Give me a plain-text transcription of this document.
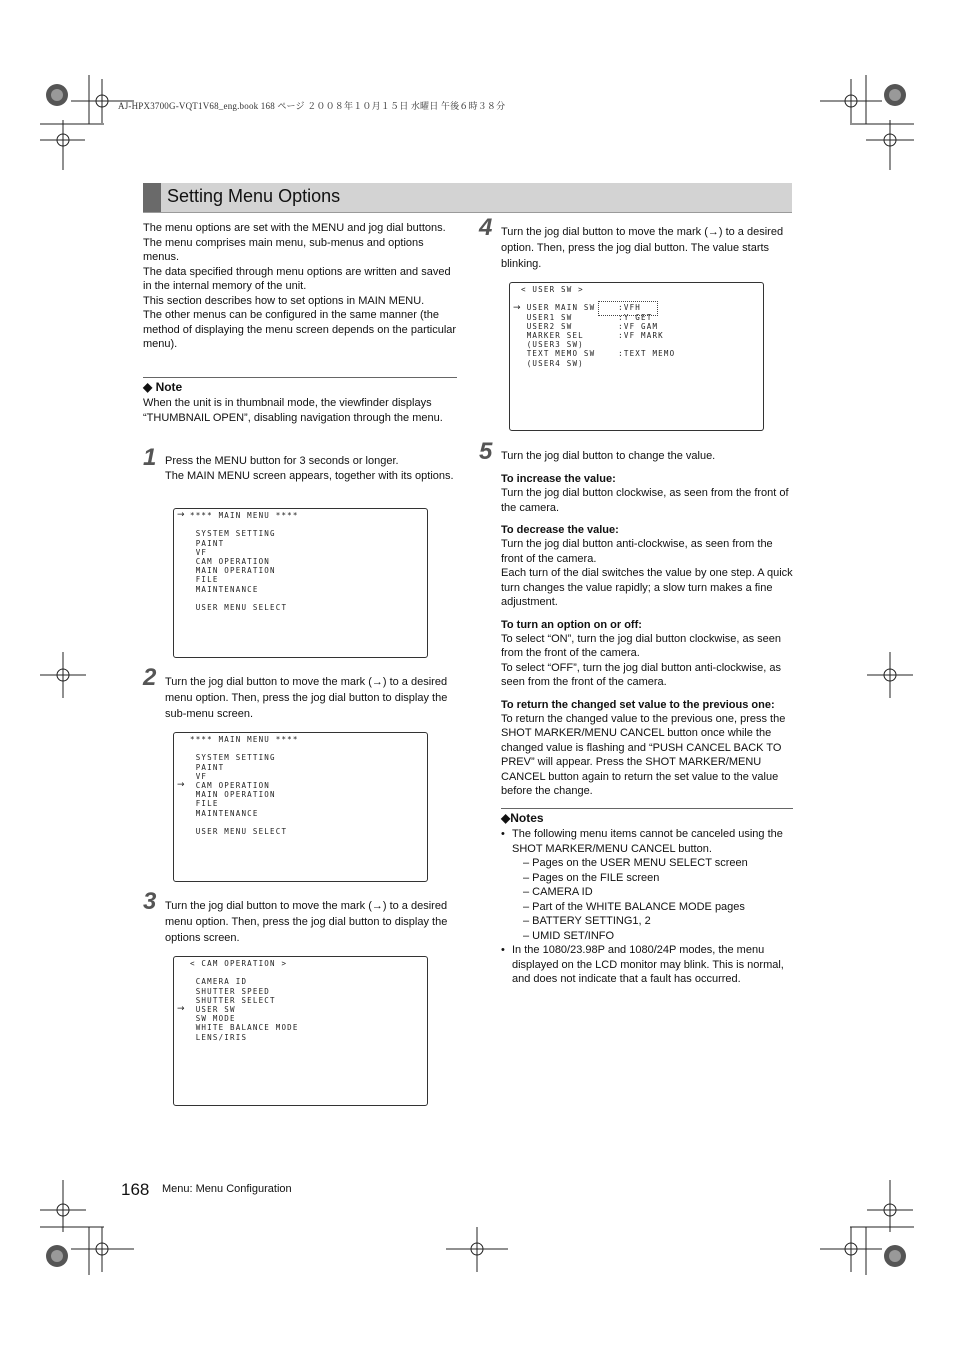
AJ-HPX3700G-VQT1V68_eng.book 168 ページ ２００８年１０月１５日 水曜日 午後６時３８分
Setting Menu Options

The menu options are set with the MENU and jog dial buttons.

The menu comprises main menu, sub-menus and options menus.

The data specified through menu options are written and saved in the internal memory of the unit.

This section describes how to set options in MAIN MENU.

The other menus can be configured in the same manner (the method of displaying the menu screen depends on the particular menu).

◆ Note

When the unit is in thumbnail mode, the viewfinder displays “THUMBNAIL OPEN”, disabling navigation through the menu.

1 Press the MENU button for 3 seconds or longer.

The MAIN MENU screen appears, together with its options.

→ **** MAIN MENU ****

SYSTEM SETTING
PAINT
VF
CAM OPERATION
MAIN OPERATION
FILE
MAINTENANCE

USER MENU SELECT
2 Turn the jog dial button to move the mark (→) to a desired menu option. Then, press the jog dial button to display the sub-menu screen.

→
**** MAIN MENU ****

SYSTEM SETTING
PAINT
VF
CAM OPERATION
MAIN OPERATION
FILE
MAINTENANCE

USER MENU SELECT
3 Turn the jog dial button to move the mark (→) to a desired menu option. Then, press the jog dial button to display the options screen.

→
< CAM OPERATION >

CAMERA ID
SHUTTER SPEED
SHUTTER SELECT
USER SW
SW MODE
WHITE BALANCE MODE
LENS/IRIS
4 Turn the jog dial button to move the mark (→) to a desired option. Then, press the jog dial button. The value starts blinking.

→
< USER SW >

USER MAIN SW    :VFH
USER1 SW        :Y GET
USER2 SW        :VF GAM
MARKER SEL      :VF MARK
(USER3 SW)
TEXT MEMO SW    :TEXT MEMO
(USER4 SW)
5 Turn the jog dial button to change the value.

To increase the value:

Turn the jog dial button clockwise, as seen from the front of the camera.

To decrease the value:

Turn the jog dial button anti-clockwise, as seen from the front of the camera.

Each turn of the dial switches the value by one step. A quick turn changes the value rapidly; a slow turn makes a fine adjustment.

To turn an option on or off:

To select “ON”, turn the jog dial button clockwise, as seen from the front of the camera.

To select “OFF”, turn the jog dial button anti-clockwise, as seen from the front of the camera.

To return the changed set value to the previous one:

To return the changed value to the previous one, press the SHOT MARKER/MENU CANCEL button once while the changed value is flashing and “PUSH CANCEL BACK TO PREV” will appear. Press the SHOT MARKER/MENU CANCEL button again to return the set value to the value before the change.

◆Notes
• The following menu items cannot be canceled using the SHOT MARKER/MENU CANCEL button.
– Pages on the USER MENU SELECT screen
– Pages on the FILE screen
– CAMERA ID
– Part of the WHITE BALANCE MODE pages
– BATTERY SETTING1, 2
– UMID SET/INFO
• In the 1080/23.98P and 1080/24P modes, the menu displayed on the LCD monitor may blink. This is normal, and does not indicate that a fault has occurred.
168 Menu: Menu Configuration
